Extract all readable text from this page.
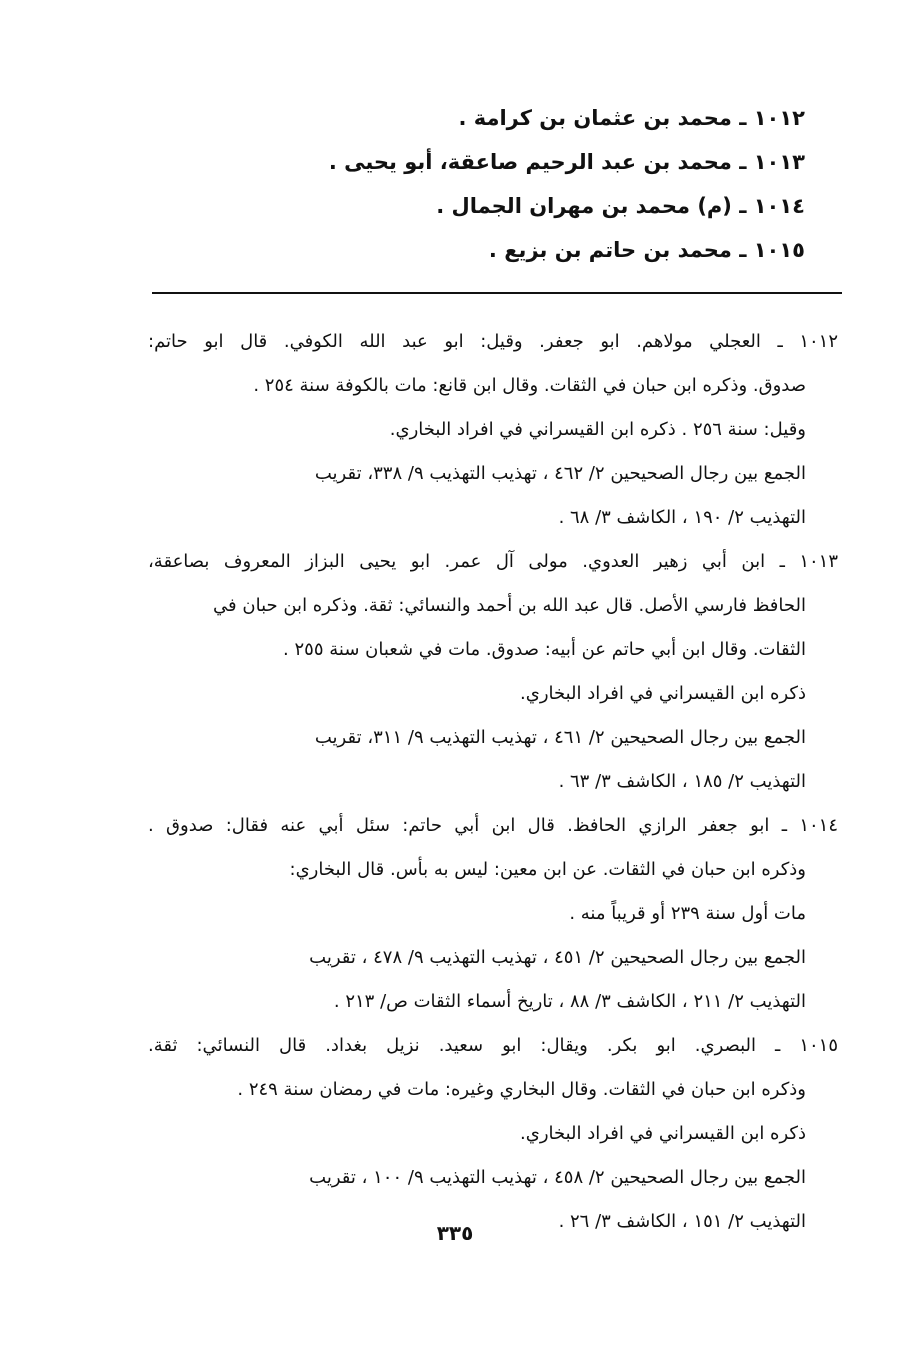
١٠١٢ ـ محمد بن عثمان بن كرامة .
١٠١٣ ـ محمد بن عبد الرحيم صاعقة، أبو يحيى .
١٠١٤ ـ (م) محمد بن مهران الجمال .
١٠١٥ ـ محمد بن حاتم بن بزيع .
١٠١٢ ـ العجلي مولاهم. ابو جعفر. وقيل: ابو عبد الله الكوفي. قال ابو حاتم:
صدوق. وذكره ابن حبان في الثقات. وقال ابن قانع: مات بالكوفة سنة ٢٥٤ .
وقيل: سنة ٢٥٦ . ذكره ابن القيسراني في افراد البخاري.
الجمع بين رجال الصحيحين ٢/ ٤٦٢ ، تهذيب التهذيب ٩/ ٣٣٨، تقريب
التهذيب ٢/ ١٩٠ ، الكاشف ٣/ ٦٨ .
١٠١٣ ـ ابن أبي زهير العدوي. مولى آل عمر. ابو يحيى البزاز المعروف بصاعقة،
الحافظ فارسي الأصل. قال عبد الله بن أحمد والنسائي: ثقة. وذكره ابن حبان في
الثقات. وقال ابن أبي حاتم عن أبيه: صدوق. مات في شعبان سنة ٢٥٥ .
ذكره ابن القيسراني في افراد البخاري.
الجمع بين رجال الصحيحين ٢/ ٤٦١ ، تهذيب التهذيب ٩/ ٣١١، تقريب
التهذيب ٢/ ١٨٥ ، الكاشف ٣/ ٦٣ .
١٠١٤ ـ ابو جعفر الرازي الحافظ. قال ابن أبي حاتم: سئل أبي عنه فقال: صدوق .
وذكره ابن حبان في الثقات. عن ابن معين: ليس به بأس. قال البخاري:
مات أول سنة ٢٣٩ أو قريباً منه .
الجمع بين رجال الصحيحين ٢/ ٤٥١ ، تهذيب التهذيب ٩/ ٤٧٨ ، تقريب
التهذيب ٢/ ٢١١ ، الكاشف ٣/ ٨٨ ، تاريخ أسماء الثقات ص/ ٢١٣ .
١٠١٥ ـ البصري. ابو بكر. ويقال: ابو سعيد. نزيل بغداد. قال النسائي: ثقة.
وذكره ابن حبان في الثقات. وقال البخاري وغيره: مات في رمضان سنة ٢٤٩ .
ذكره ابن القيسراني في افراد البخاري.
الجمع بين رجال الصحيحين ٢/ ٤٥٨ ، تهذيب التهذيب ٩/ ١٠٠ ، تقريب
التهذيب ٢/ ١٥١ ، الكاشف ٣/ ٢٦ .
٣٣٥
